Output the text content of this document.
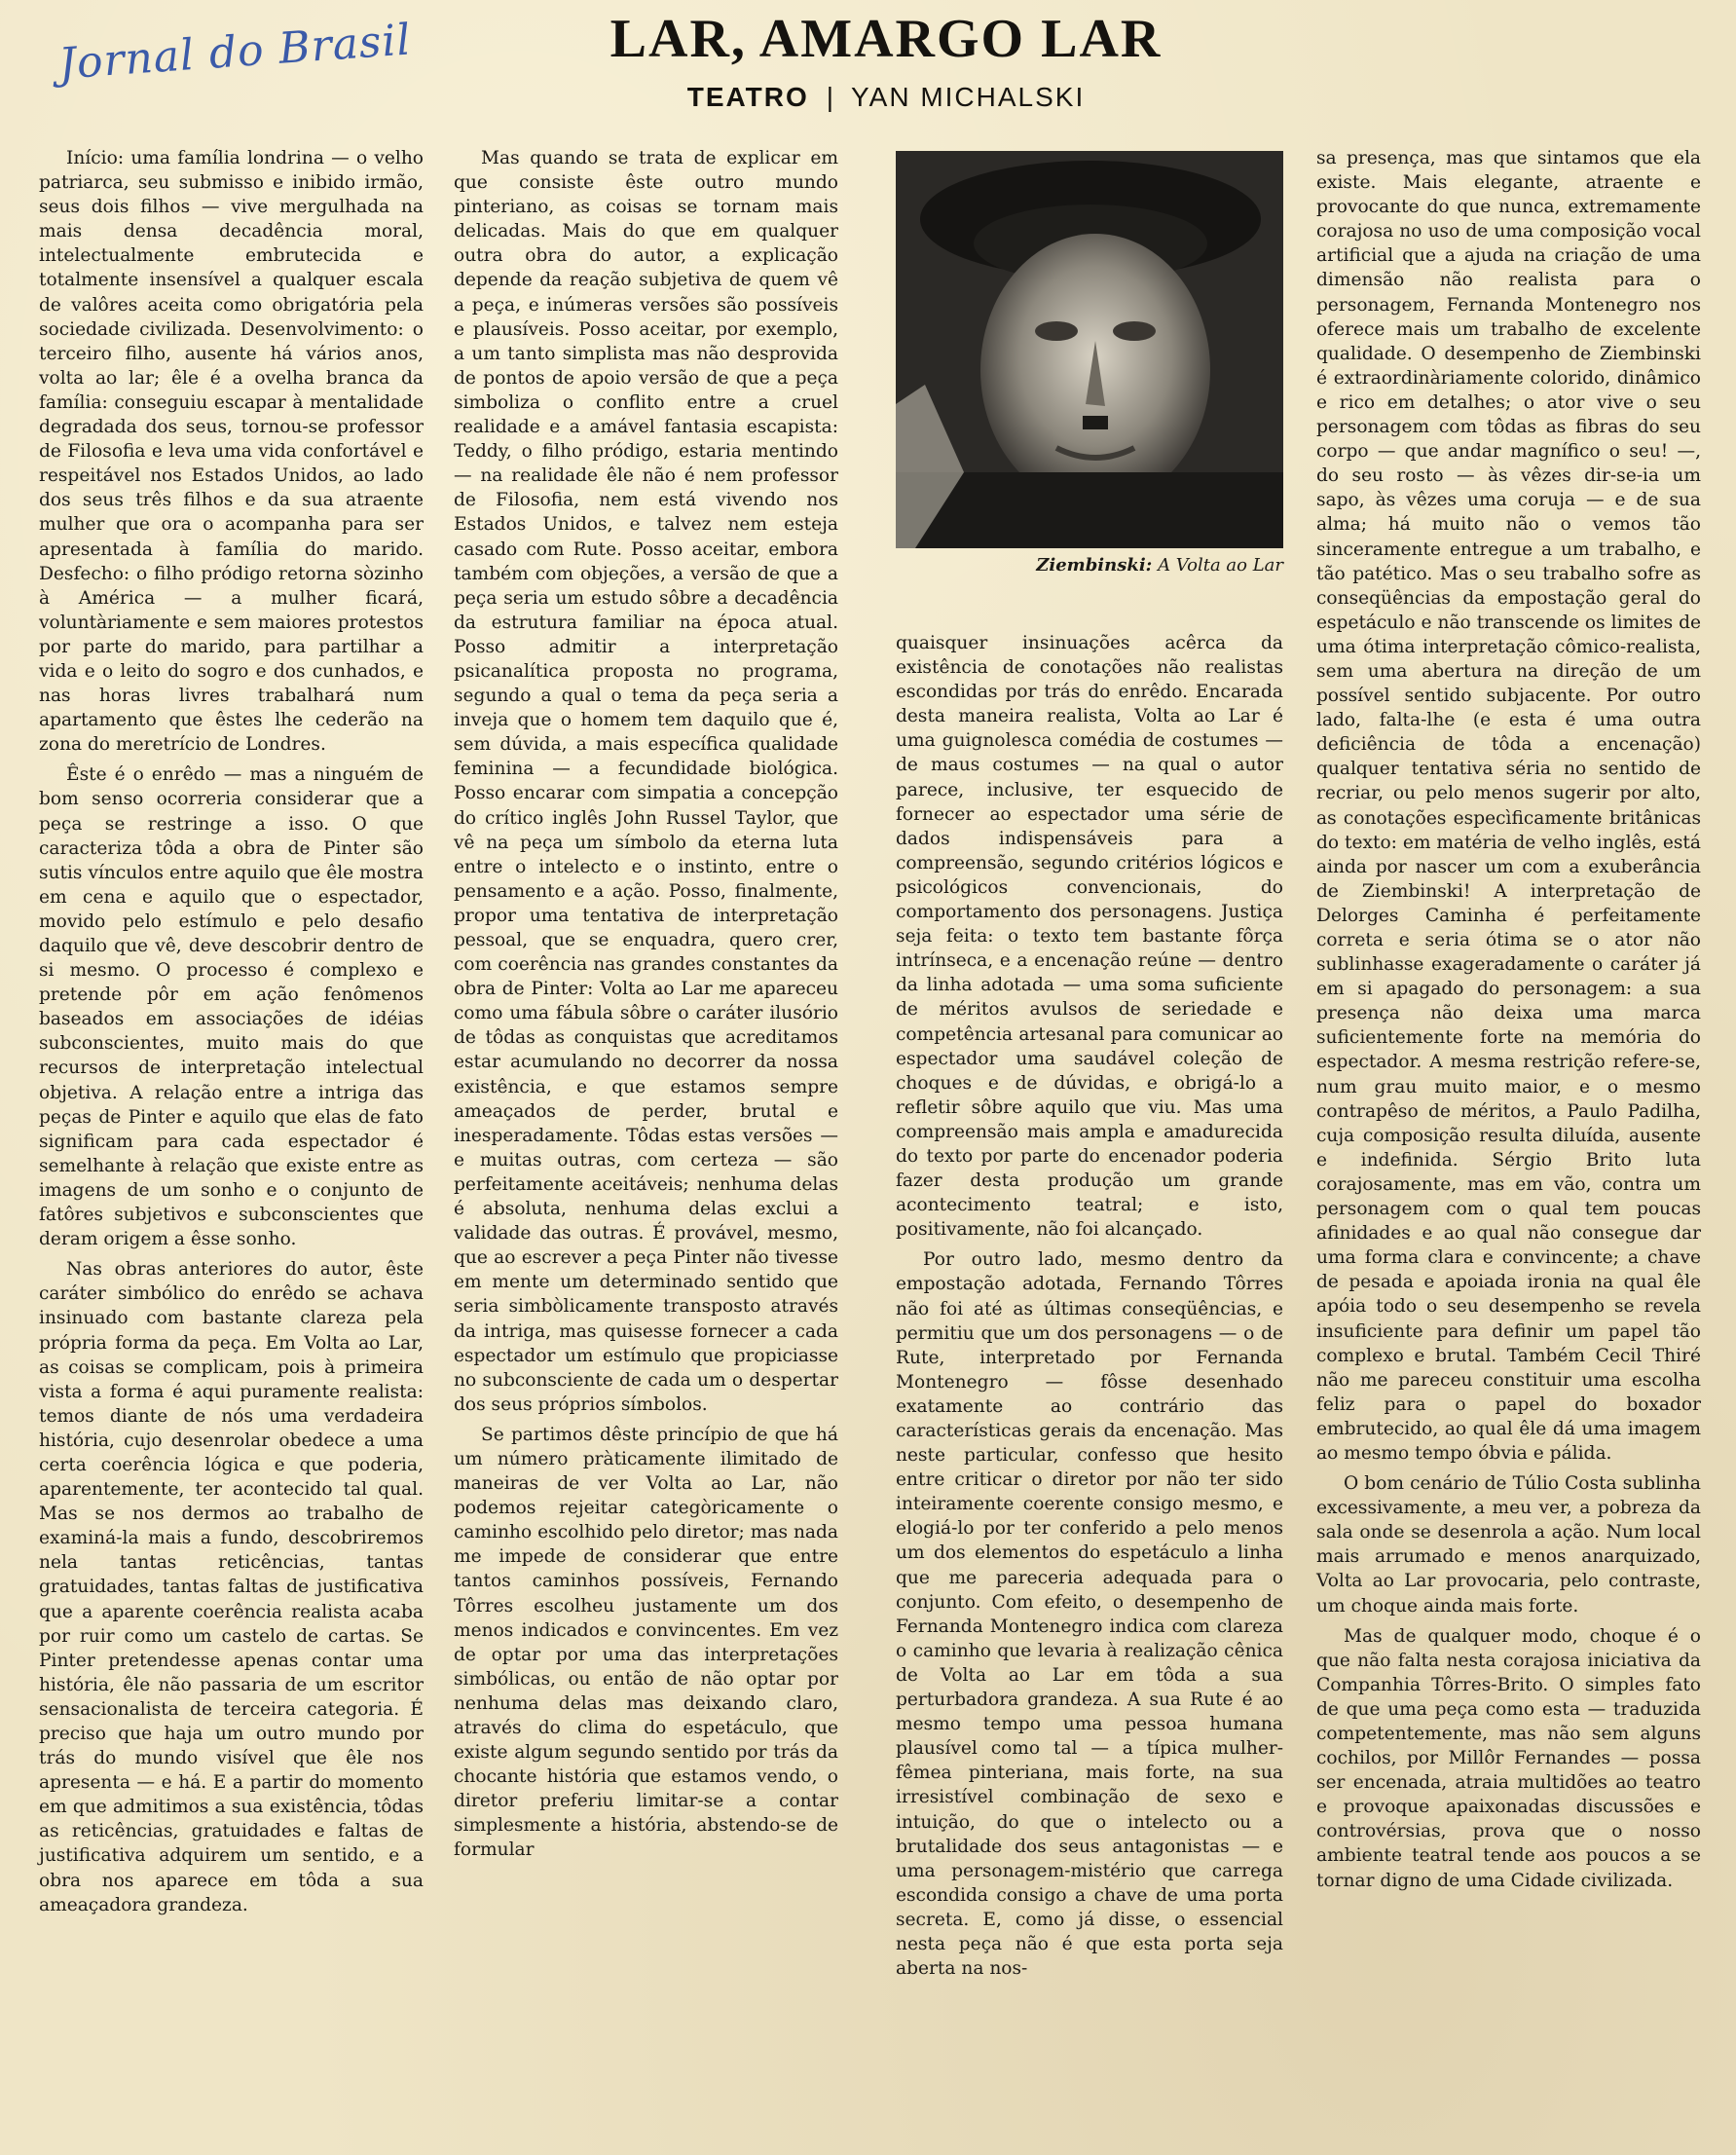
Jornal do Brasil	LAR, AMARGO LAR
TEATRO | YAN MICHALSKI

Início: uma família londrina — o velho patriarca, seu submisso e inibido irmão, seus dois filhos — vive mergulhada na mais densa decadência moral, intelectualmente embrutecida e totalmente insensível a qualquer escala de valôres aceita como obrigatória pela sociedade civilizada. Desenvolvimento: o terceiro filho, ausente há vários anos, volta ao lar; êle é a ovelha branca da família: conseguiu escapar à mentalidade degradada dos seus, tornou-se professor de Filosofia e leva uma vida confortável e respeitável nos Estados Unidos, ao lado dos seus três filhos e da sua atraente mulher que ora o acompanha para ser apresentada à família do marido. Desfecho: o filho pródigo retorna sòzinho à América — a mulher ficará, voluntàriamente e sem maiores protestos por parte do marido, para partilhar a vida e o leito do sogro e dos cunhados, e nas horas livres trabalhará num apartamento que êstes lhe cederão na zona do meretrício de Londres.

Êste é o enrêdo — mas a ninguém de bom senso ocorreria considerar que a peça se restringe a isso. O que caracteriza tôda a obra de Pinter são sutis vínculos entre aquilo que êle mostra em cena e aquilo que o espectador, movido pelo estímulo e pelo desafio daquilo que vê, deve descobrir dentro de si mesmo. O processo é complexo e pretende pôr em ação fenômenos baseados em associações de idéias subconscientes, muito mais do que recursos de interpretação intelectual objetiva. A relação entre a intriga das peças de Pinter e aquilo que elas de fato significam para cada espectador é semelhante à relação que existe entre as imagens de um sonho e o conjunto de fatôres subjetivos e subconscientes que deram origem a êsse sonho.

Nas obras anteriores do autor, êste caráter simbólico do enrêdo se achava insinuado com bastante clareza pela própria forma da peça. Em Volta ao Lar, as coisas se complicam, pois à primeira vista a forma é aqui puramente realista: temos diante de nós uma verdadeira história, cujo desenrolar obedece a uma certa coerência lógica e que poderia, aparentemente, ter acontecido tal qual. Mas se nos dermos ao trabalho de examiná-la mais a fundo, descobriremos nela tantas reticências, tantas gratuidades, tantas faltas de justificativa que a aparente coerência realista acaba por ruir como um castelo de cartas. Se Pinter pretendesse apenas contar uma história, êle não passaria de um escritor sensacionalista de terceira categoria. É preciso que haja um outro mundo por trás do mundo visível que êle nos apresenta — e há. E a partir do momento em que admitimos a sua existência, tôdas as reticências, gratuidades e faltas de justificativa adquirem um sentido, e a obra nos aparece em tôda a sua ameaçadora grandeza.

Mas quando se trata de explicar em que consiste êste outro mundo pinteriano, as coisas se tornam mais delicadas. Mais do que em qualquer outra obra do autor, a explicação depende da reação subjetiva de quem vê a peça, e inúmeras versões são possíveis e plausíveis. Posso aceitar, por exemplo, a um tanto simplista mas não desprovida de pontos de apoio versão de que a peça simboliza o conflito entre a cruel realidade e a amável fantasia escapista: Teddy, o filho pródigo, estaria mentindo — na realidade êle não é nem professor de Filosofia, nem está vivendo nos Estados Unidos, e talvez nem esteja casado com Rute. Posso aceitar, embora também com objeções, a versão de que a peça seria um estudo sôbre a decadência da estrutura familiar na época atual. Posso admitir a interpretação psicanalítica proposta no programa, segundo a qual o tema da peça seria a inveja que o homem tem daquilo que é, sem dúvida, a mais específica qualidade feminina — a fecundidade biológica. Posso encarar com simpatia a concepção do crítico inglês John Russel Taylor, que vê na peça um símbolo da eterna luta entre o intelecto e o instinto, entre o pensamento e a ação. Posso, finalmente, propor uma tentativa de interpretação pessoal, que se enquadra, quero crer, com coerência nas grandes constantes da obra de Pinter: Volta ao Lar me apareceu como uma fábula sôbre o caráter ilusório de tôdas as conquistas que acreditamos estar acumulando no decorrer da nossa existência, e que estamos sempre ameaçados de perder, brutal e inesperadamente. Tôdas estas versões — e muitas outras, com certeza — são perfeitamente aceitáveis; nenhuma delas é absoluta, nenhuma delas exclui a validade das outras. É provável, mesmo, que ao escrever a peça Pinter não tivesse em mente um determinado sentido que seria simbòlicamente transposto através da intriga, mas quisesse fornecer a cada espectador um estímulo que propiciasse no subconsciente de cada um o despertar dos seus próprios símbolos.

Se partimos dêste princípio de que há um número pràticamente ilimitado de maneiras de ver Volta ao Lar, não podemos rejeitar categòricamente o caminho escolhido pelo diretor; mas nada me impede de considerar que entre tantos caminhos possíveis, Fernando Tôrres escolheu justamente um dos menos indicados e convincentes. Em vez de optar por uma das interpretações simbólicas, ou então de não optar por nenhuma delas mas deixando claro, através do clima do espetáculo, que existe algum segundo sentido por trás da chocante história que estamos vendo, o diretor preferiu limitar-se a contar simplesmente a história, abstendo-se de formular

Ziembinski: A Volta ao Lar

quaisquer insinuações acêrca da existência de conotações não realistas escondidas por trás do enrêdo. Encarada desta maneira realista, Volta ao Lar é uma guignolesca comédia de costumes — de maus costumes — na qual o autor parece, inclusive, ter esquecido de fornecer ao espectador uma série de dados indispensáveis para a compreensão, segundo critérios lógicos e psicológicos convencionais, do comportamento dos personagens. Justiça seja feita: o texto tem bastante fôrça intrínseca, e a encenação reúne — dentro da linha adotada — uma soma suficiente de méritos avulsos de seriedade e competência artesanal para comunicar ao espectador uma saudável coleção de choques e de dúvidas, e obrigá-lo a refletir sôbre aquilo que viu. Mas uma compreensão mais ampla e amadurecida do texto por parte do encenador poderia fazer desta produção um grande acontecimento teatral; e isto, positivamente, não foi alcançado.

Por outro lado, mesmo dentro da empostação adotada, Fernando Tôrres não foi até as últimas conseqüências, e permitiu que um dos personagens — o de Rute, interpretado por Fernanda Montenegro — fôsse desenhado exatamente ao contrário das características gerais da encenação. Mas neste particular, confesso que hesito entre criticar o diretor por não ter sido inteiramente coerente consigo mesmo, e elogiá-lo por ter conferido a pelo menos um dos elementos do espetáculo a linha que me pareceria adequada para o conjunto. Com efeito, o desempenho de Fernanda Montenegro indica com clareza o caminho que levaria à realização cênica de Volta ao Lar em tôda a sua perturbadora grandeza. A sua Rute é ao mesmo tempo uma pessoa humana plausível como tal — a típica mulher-fêmea pinteriana, mais forte, na sua irresistível combinação de sexo e intuição, do que o intelecto ou a brutalidade dos seus antagonistas — e uma personagem-mistério que carrega escondida consigo a chave de uma porta secreta. E, como já disse, o essencial nesta peça não é que esta porta seja aberta na nos-

sa presença, mas que sintamos que ela existe. Mais elegante, atraente e provocante do que nunca, extremamente corajosa no uso de uma composição vocal artificial que a ajuda na criação de uma dimensão não realista para o personagem, Fernanda Montenegro nos oferece mais um trabalho de excelente qualidade. O desempenho de Ziembinski é extraordinàriamente colorido, dinâmico e rico em detalhes; o ator vive o seu personagem com tôdas as fibras do seu corpo — que andar magnífico o seu! —, do seu rosto — às vêzes dir-se-ia um sapo, às vêzes uma coruja — e de sua alma; há muito não o vemos tão sinceramente entregue a um trabalho, e tão patético. Mas o seu trabalho sofre as conseqüências da empostação geral do espetáculo e não transcende os limites de uma ótima interpretação cômico-realista, sem uma abertura na direção de um possível sentido subjacente. Por outro lado, falta-lhe (e esta é uma outra deficiência de tôda a encenação) qualquer tentativa séria no sentido de recriar, ou pelo menos sugerir por alto, as conotações especìficamente britânicas do texto: em matéria de velho inglês, está ainda por nascer um com a exuberância de Ziembinski! A interpretação de Delorges Caminha é perfeitamente correta e seria ótima se o ator não sublinhasse exageradamente o caráter já em si apagado do personagem: a sua presença não deixa uma marca suficientemente forte na memória do espectador. A mesma restrição refere-se, num grau muito maior, e o mesmo contrapêso de méritos, a Paulo Padilha, cuja composição resulta diluída, ausente e indefinida. Sérgio Brito luta corajosamente, mas em vão, contra um personagem com o qual tem poucas afinidades e ao qual não consegue dar uma forma clara e convincente; a chave de pesada e apoiada ironia na qual êle apóia todo o seu desempenho se revela insuficiente para definir um papel tão complexo e brutal. Também Cecil Thiré não me pareceu constituir uma escolha feliz para o papel do boxador embrutecido, ao qual êle dá uma imagem ao mesmo tempo óbvia e pálida.

O bom cenário de Túlio Costa sublinha excessivamente, a meu ver, a pobreza da sala onde se desenrola a ação. Num local mais arrumado e menos anarquizado, Volta ao Lar provocaria, pelo contraste, um choque ainda mais forte.

Mas de qualquer modo, choque é o que não falta nesta corajosa iniciativa da Companhia Tôrres-Brito. O simples fato de que uma peça como esta — traduzida competentemente, mas não sem alguns cochilos, por Millôr Fernandes — possa ser encenada, atraia multidões ao teatro e provoque apaixonadas discussões e controvérsias, prova que o nosso ambiente teatral tende aos poucos a se tornar digno de uma Cidade civilizada.
